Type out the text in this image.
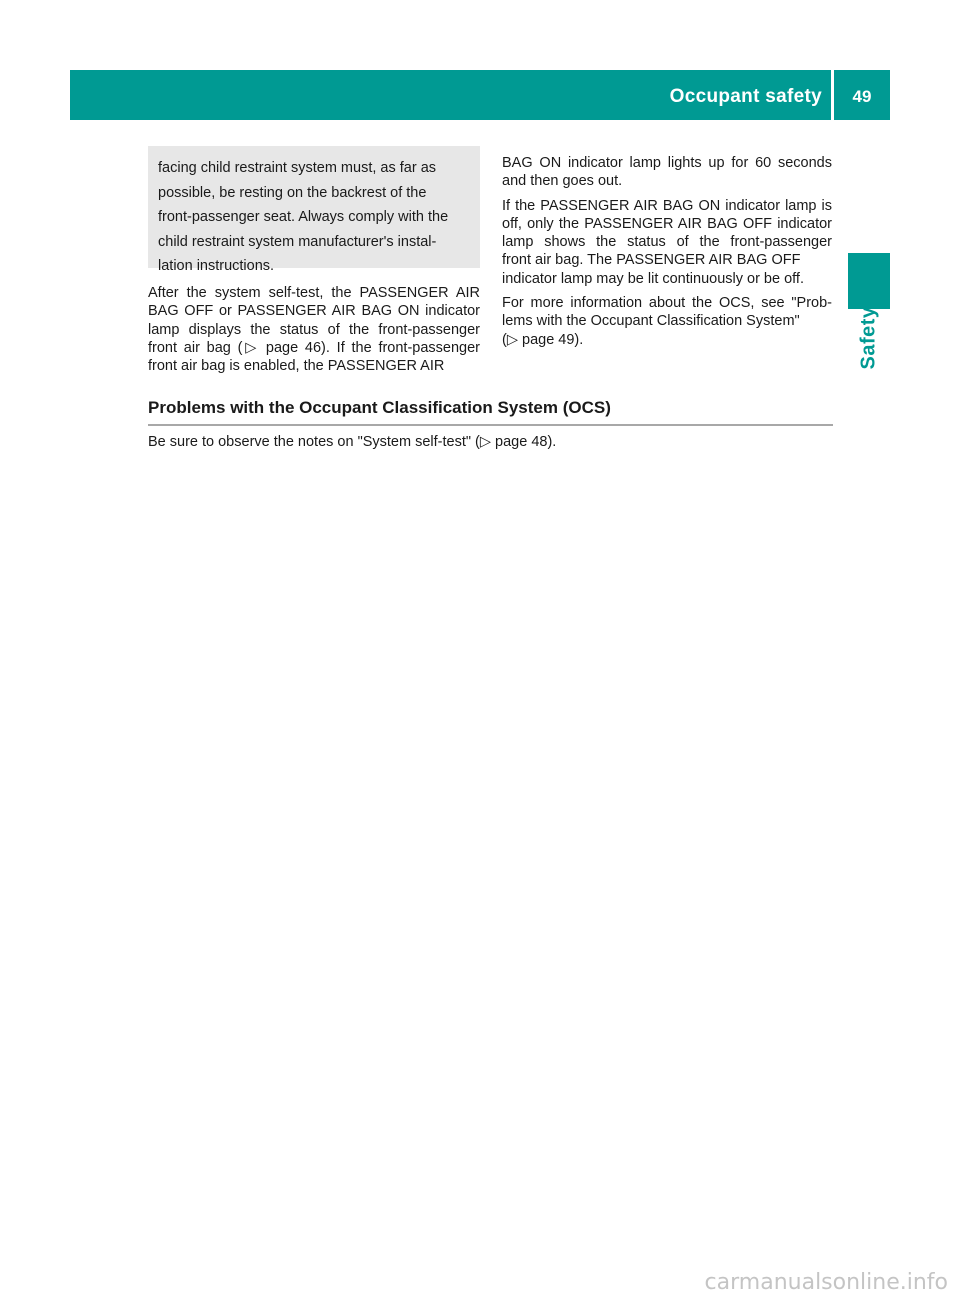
Occupant safety	49
Safety
facing child restraint system must, as far as
possible, be resting on the backrest of the
front-passenger seat. Always comply with the
child restraint system manufacturer's instal-
lation instructions.
After the system self-test, the PASSENGER AIR
BAG OFF or PASSENGER AIR BAG ON indicator
lamp displays the status of the front-passenger
front air bag (▷ page 46). If the front-passenger
front air bag is enabled, the PASSENGER AIR
BAG ON indicator lamp lights up for 60 seconds
and then goes out.
If the PASSENGER AIR BAG ON indicator lamp is
off, only the PASSENGER AIR BAG OFF indicator
lamp shows the status of the front-passenger
front air bag. The PASSENGER AIR BAG OFF
indicator lamp may be lit continuously or be off.
For more information about the OCS, see "Prob-
lems with the Occupant Classification System"
(▷ page 49).
Problems with the Occupant Classification System (OCS)
Be sure to observe the notes on "System self-test" (▷ page 48).
carmanualsonline.info
